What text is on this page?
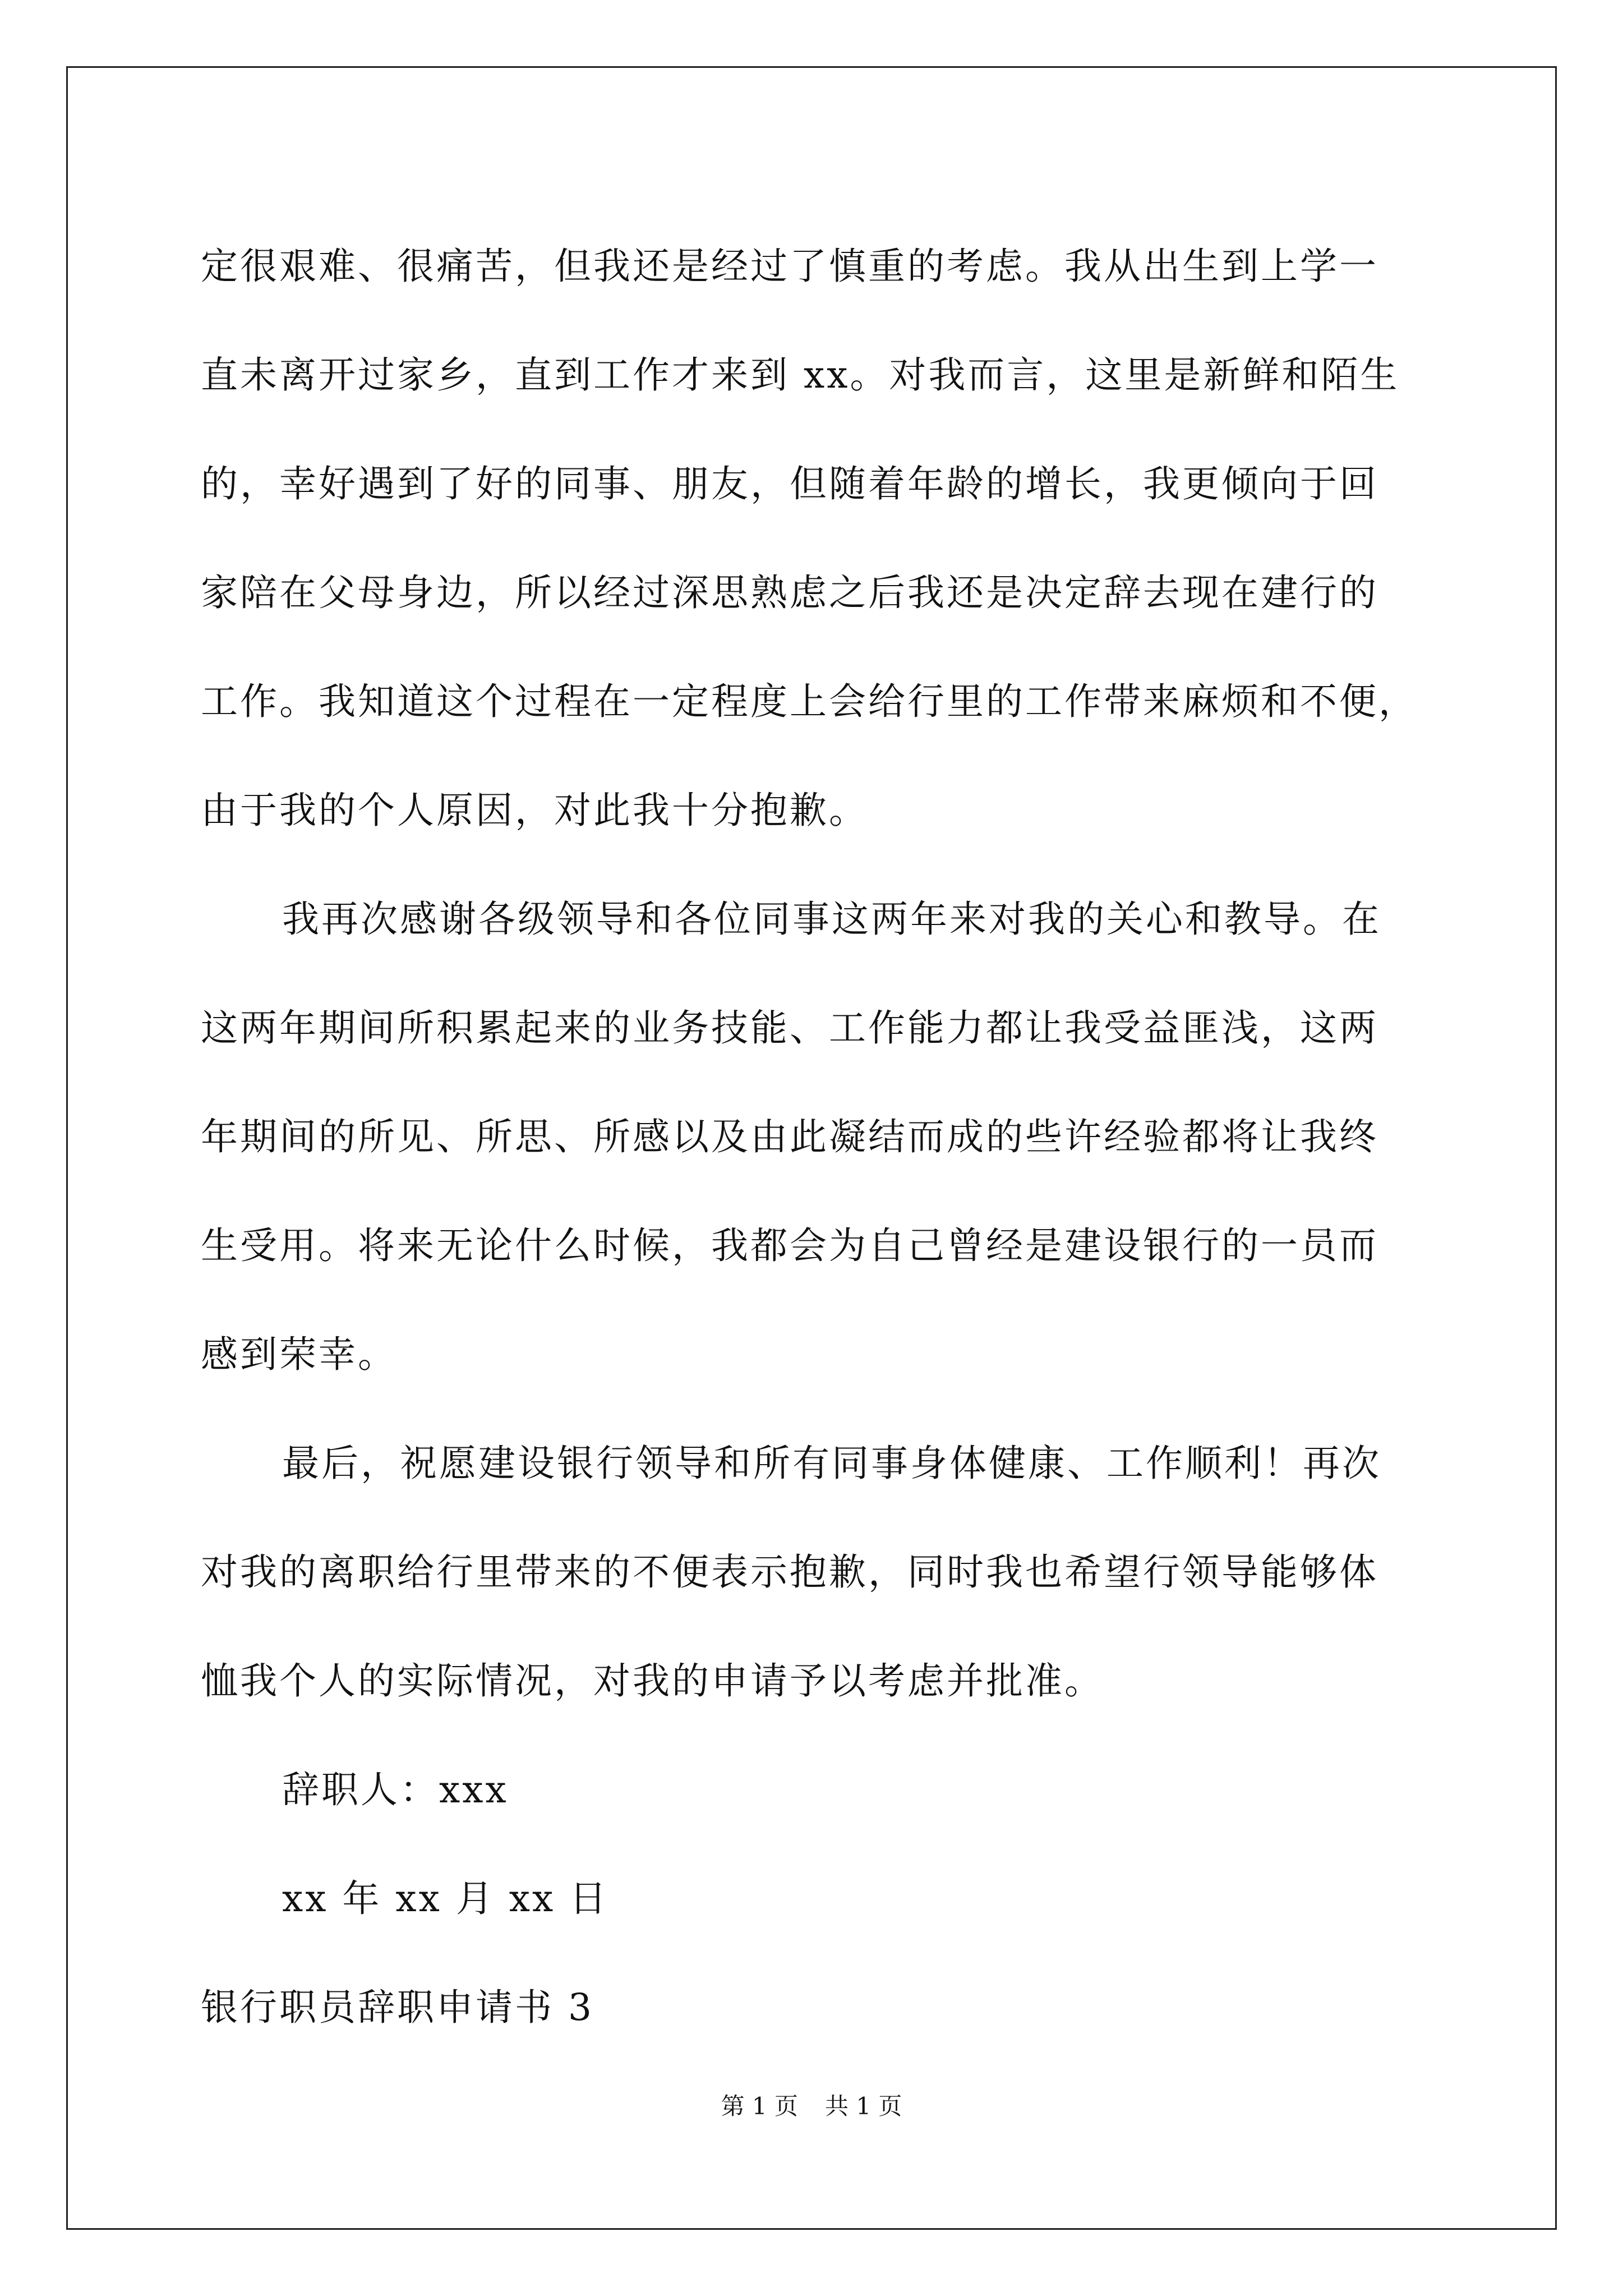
定很艰难、很痛苦，但我还是经过了慎重的考虑。我从出生到上学一
直未离开过家乡，直到工作才来到 xx。对我而言，这里是新鲜和陌生
的，幸好遇到了好的同事、朋友，但随着年龄的增长，我更倾向于回
家陪在父母身边，所以经过深思熟虑之后我还是决定辞去现在建行的
工作。我知道这个过程在一定程度上会给行里的工作带来麻烦和不便，
由于我的个人原因，对此我十分抱歉。
我再次感谢各级领导和各位同事这两年来对我的关心和教导。在
这两年期间所积累起来的业务技能、工作能力都让我受益匪浅，这两
年期间的所见、所思、所感以及由此凝结而成的些许经验都将让我终
生受用。将来无论什么时候，我都会为自己曾经是建设银行的一员而
感到荣幸。
最后，祝愿建设银行领导和所有同事身体健康、工作顺利！再次
对我的离职给行里带来的不便表示抱歉，同时我也希望行领导能够体
恤我个人的实际情况，对我的申请予以考虑并批准。
辞职人：xxx
xx 年 xx 月 xx 日
银行职员辞职申请书 3
第 1 页 共 1 页
